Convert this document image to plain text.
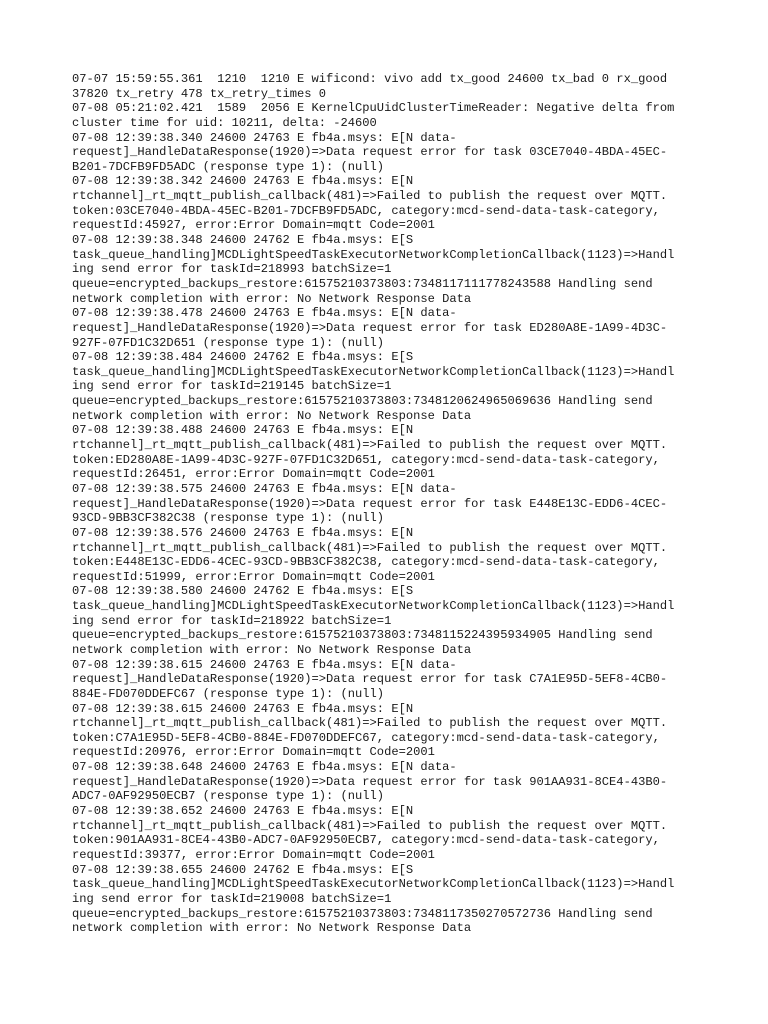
07-07 15:59:55.361  1210  1210 E wificond: vivo add tx_good 24600 tx_bad 0 rx_good
37820 tx_retry 478 tx_retry_times 0
07-08 05:21:02.421  1589  2056 E KernelCpuUidClusterTimeReader: Negative delta from
cluster time for uid: 10211, delta: -24600
07-08 12:39:38.340 24600 24763 E fb4a.msys: E[N data-
request]_HandleDataResponse(1920)=>Data request error for task 03CE7040-4BDA-45EC-
B201-7DCFB9FD5ADC (response type 1): (null)
07-08 12:39:38.342 24600 24763 E fb4a.msys: E[N
rtchannel]_rt_mqtt_publish_callback(481)=>Failed to publish the request over MQTT.
token:03CE7040-4BDA-45EC-B201-7DCFB9FD5ADC, category:mcd-send-data-task-category,
requestId:45927, error:Error Domain=mqtt Code=2001
07-08 12:39:38.348 24600 24762 E fb4a.msys: E[S
task_queue_handling]MCDLightSpeedTaskExecutorNetworkCompletionCallback(1123)=>Handl
ing send error for taskId=218993 batchSize=1
queue=encrypted_backups_restore:61575210373803:7348117111778243588 Handling send
network completion with error: No Network Response Data
07-08 12:39:38.478 24600 24763 E fb4a.msys: E[N data-
request]_HandleDataResponse(1920)=>Data request error for task ED280A8E-1A99-4D3C-
927F-07FD1C32D651 (response type 1): (null)
07-08 12:39:38.484 24600 24762 E fb4a.msys: E[S
task_queue_handling]MCDLightSpeedTaskExecutorNetworkCompletionCallback(1123)=>Handl
ing send error for taskId=219145 batchSize=1
queue=encrypted_backups_restore:61575210373803:7348120624965069636 Handling send
network completion with error: No Network Response Data
07-08 12:39:38.488 24600 24763 E fb4a.msys: E[N
rtchannel]_rt_mqtt_publish_callback(481)=>Failed to publish the request over MQTT.
token:ED280A8E-1A99-4D3C-927F-07FD1C32D651, category:mcd-send-data-task-category,
requestId:26451, error:Error Domain=mqtt Code=2001
07-08 12:39:38.575 24600 24763 E fb4a.msys: E[N data-
request]_HandleDataResponse(1920)=>Data request error for task E448E13C-EDD6-4CEC-
93CD-9BB3CF382C38 (response type 1): (null)
07-08 12:39:38.576 24600 24763 E fb4a.msys: E[N
rtchannel]_rt_mqtt_publish_callback(481)=>Failed to publish the request over MQTT.
token:E448E13C-EDD6-4CEC-93CD-9BB3CF382C38, category:mcd-send-data-task-category,
requestId:51999, error:Error Domain=mqtt Code=2001
07-08 12:39:38.580 24600 24762 E fb4a.msys: E[S
task_queue_handling]MCDLightSpeedTaskExecutorNetworkCompletionCallback(1123)=>Handl
ing send error for taskId=218922 batchSize=1
queue=encrypted_backups_restore:61575210373803:7348115224395934905 Handling send
network completion with error: No Network Response Data
07-08 12:39:38.615 24600 24763 E fb4a.msys: E[N data-
request]_HandleDataResponse(1920)=>Data request error for task C7A1E95D-5EF8-4CB0-
884E-FD070DDEFC67 (response type 1): (null)
07-08 12:39:38.615 24600 24763 E fb4a.msys: E[N
rtchannel]_rt_mqtt_publish_callback(481)=>Failed to publish the request over MQTT.
token:C7A1E95D-5EF8-4CB0-884E-FD070DDEFC67, category:mcd-send-data-task-category,
requestId:20976, error:Error Domain=mqtt Code=2001
07-08 12:39:38.648 24600 24763 E fb4a.msys: E[N data-
request]_HandleDataResponse(1920)=>Data request error for task 901AA931-8CE4-43B0-
ADC7-0AF92950ECB7 (response type 1): (null)
07-08 12:39:38.652 24600 24763 E fb4a.msys: E[N
rtchannel]_rt_mqtt_publish_callback(481)=>Failed to publish the request over MQTT.
token:901AA931-8CE4-43B0-ADC7-0AF92950ECB7, category:mcd-send-data-task-category,
requestId:39377, error:Error Domain=mqtt Code=2001
07-08 12:39:38.655 24600 24762 E fb4a.msys: E[S
task_queue_handling]MCDLightSpeedTaskExecutorNetworkCompletionCallback(1123)=>Handl
ing send error for taskId=219008 batchSize=1
queue=encrypted_backups_restore:61575210373803:7348117350270572736 Handling send
network completion with error: No Network Response Data
